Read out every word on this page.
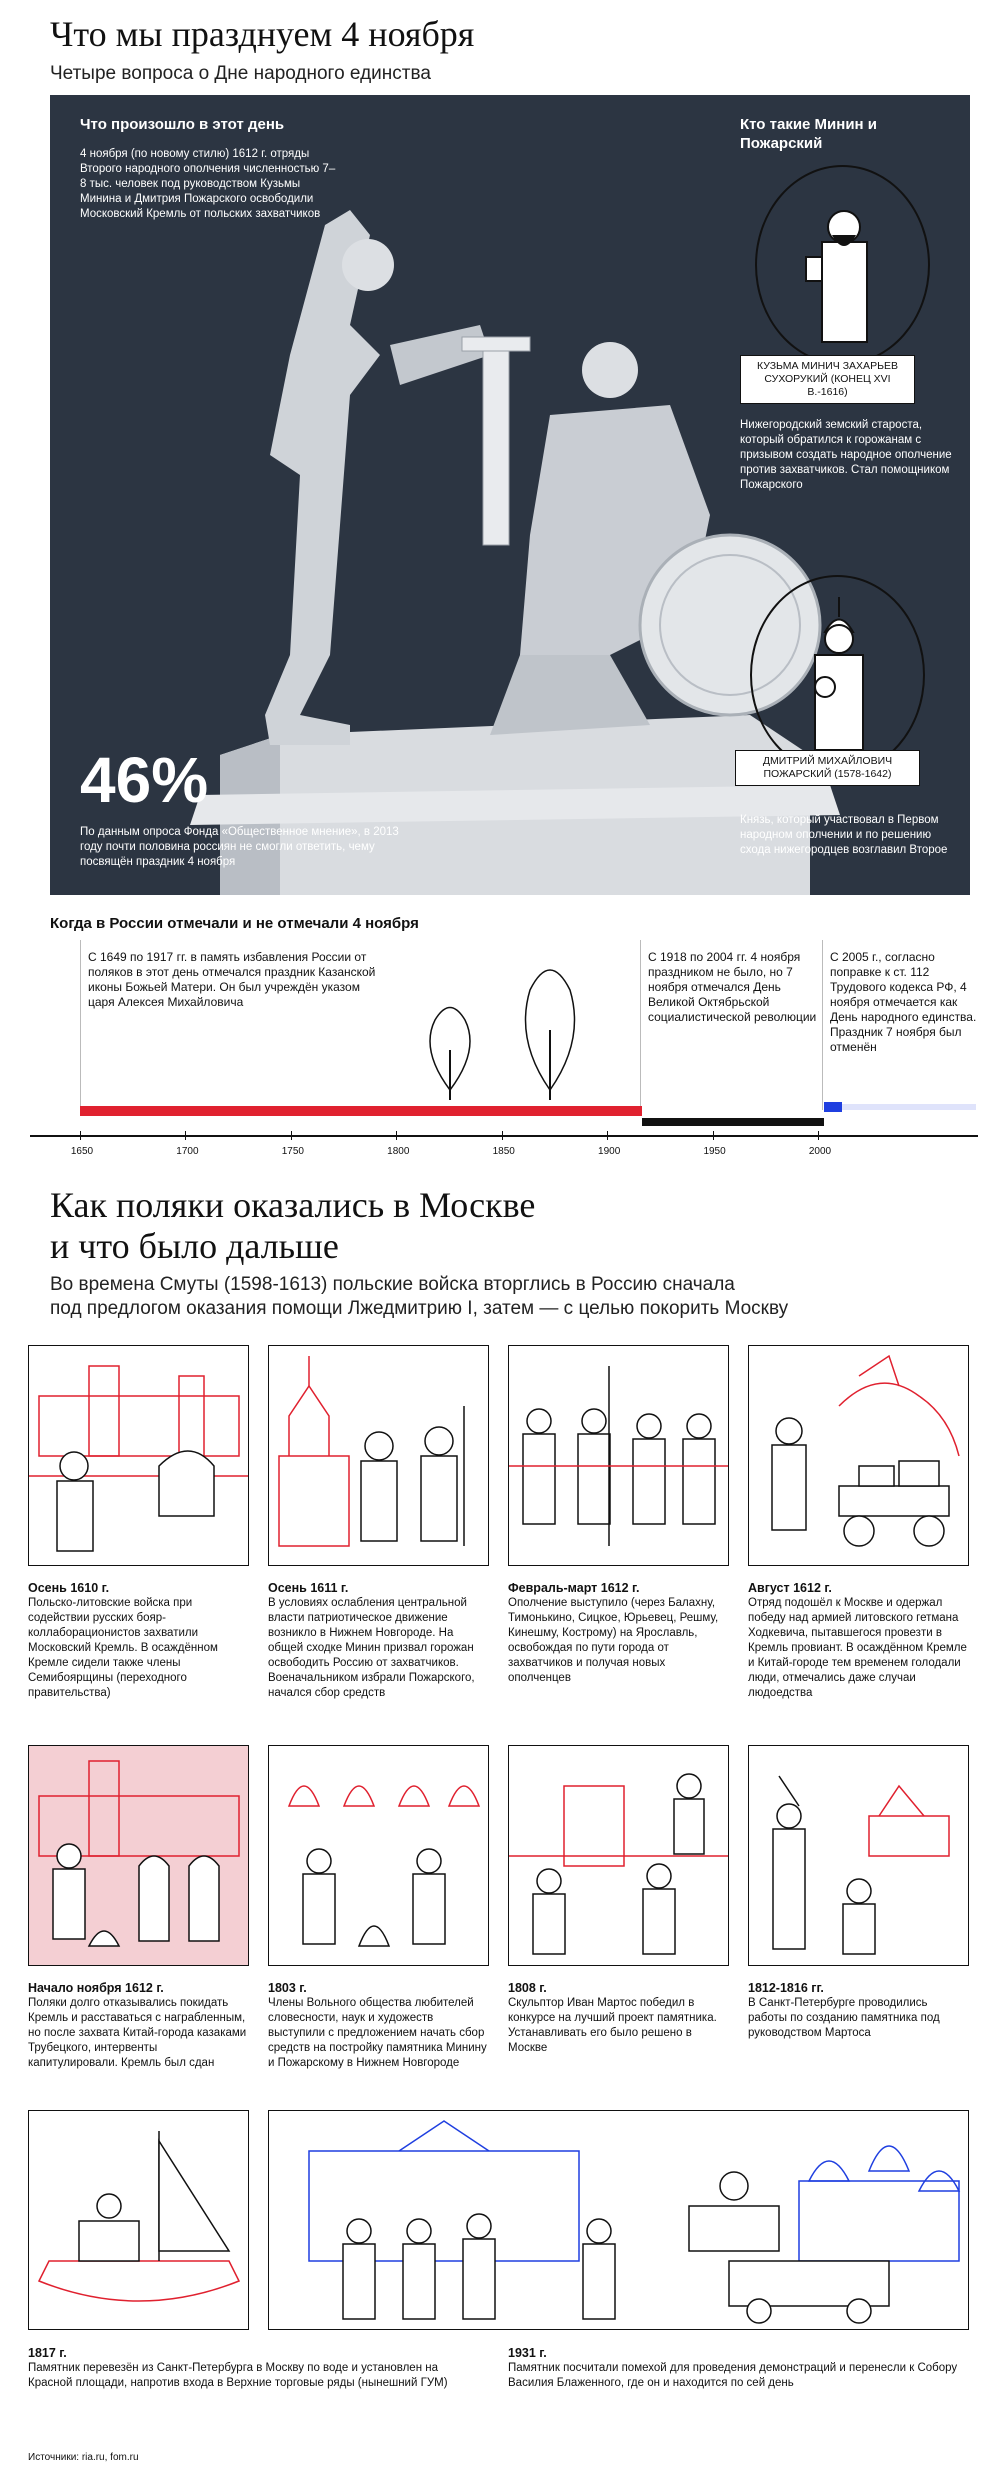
Что мы празднуем 4 ноября
Четыре вопроса о Дне народного единства
Что произошло в этот день
4 ноября (по новому стилю) 1612 г. отряды Второго народного ополчения численностью 7–8 тыс. человек под руководством Кузьмы Минина и Дмитрия Пожарского освободили Московский Кремль от польских захватчиков
Кто такие Минин и Пожарский
КУЗЬМА МИНИЧ ЗАХАРЬЕВ СУХОРУКИЙ (КОНЕЦ XVI В.-1616)
Нижегородский земский староста, который обратился к горожанам с призывом создать народное ополчение против захватчиков. Стал помощником Пожарского
ДМИТРИЙ МИХАЙЛОВИЧ ПОЖАРСКИЙ (1578-1642)
Князь, который участвовал в Первом народном ополчении и по решению схода нижегородцев возглавил Второе
46%
По данным опроса Фонда «Общественное мнение», в 2013 году почти половина россиян не смогли ответить, чему посвящён праздник 4 ноября
Когда в России отмечали и не отмечали 4 ноября
С 1649 по 1917 гг. в память избавления России от поляков в этот день отмечался праздник Казанской иконы Божьей Матери. Он был учреждён указом царя Алексея Михайловича
С 1918 по 2004 гг. 4 ноября праздником не было, но 7 ноября отмечался День Великой Октябрьской социалистической революции
С 2005 г., согласно поправке к ст. 112 Трудового кодекса РФ, 4 ноября отмечается как День народного единства. Праздник 7 ноября был отменён
1650	1700	1750	1800	1850	1900	1950	2000
Как поляки оказались в Москве
и что было дальше
Во времена Смуты (1598-1613) польские войска вторглись в Россию сначала
под предлогом оказания помощи Лжедмитрию I, затем — с целью покорить Москву
Осень 1610 г.
Польско-литовские войска при содействии русских бояр-коллаборационистов захватили Московский Кремль. В осаждённом Кремле сидели также члены Семибоярщины (переходного правительства)
Осень 1611 г.
В условиях ослабления центральной власти патриотическое движение возникло в Нижнем Новгороде. На общей сходке Минин призвал горожан освободить Россию от захватчиков. Военачальником избрали Пожарского, начался сбор средств
Февраль-март 1612 г.
Ополчение выступило (через Балахну, Тимонькино, Сицкое, Юрьевец, Решму, Кинешму, Кострому) на Ярославль, освобождая по пути города от захватчиков и получая новых ополченцев
Август 1612 г.
Отряд подошёл к Москве и одержал победу над армией литовского гетмана Ходкевича, пытавшегося провезти в Кремль провиант. В осаждённом Кремле и Китай-городе тем временем голодали люди, отмечались даже случаи людоедства
Начало ноября 1612 г.
Поляки долго отказывались покидать Кремль и расставаться с награбленным, но после захвата Китай-города казаками Трубецкого, интервенты капитулировали. Кремль был сдан
1803 г.
Члены Вольного общества любителей словесности, наук и художеств выступили с предложением начать сбор средств на постройку памятника Минину и Пожарскому в Нижнем Новгороде
1808 г.
Скульптор Иван Мартос победил в конкурсе на лучший проект памятника. Устанавливать его было решено в Москве
1812-1816 гг.
В Санкт-Петербурге проводились работы по созданию памятника под руководством Мартоса
1817 г.
Памятник перевезён из Санкт-Петербурга в Москву по воде и установлен на Красной площади, напротив входа в Верхние торговые ряды (нынешний ГУМ)
1931 г.
Памятник посчитали помехой для проведения демонстраций и перенесли к Собору Василия Блаженного, где он и находится по сей день
Источники: ria.ru, fom.ru
